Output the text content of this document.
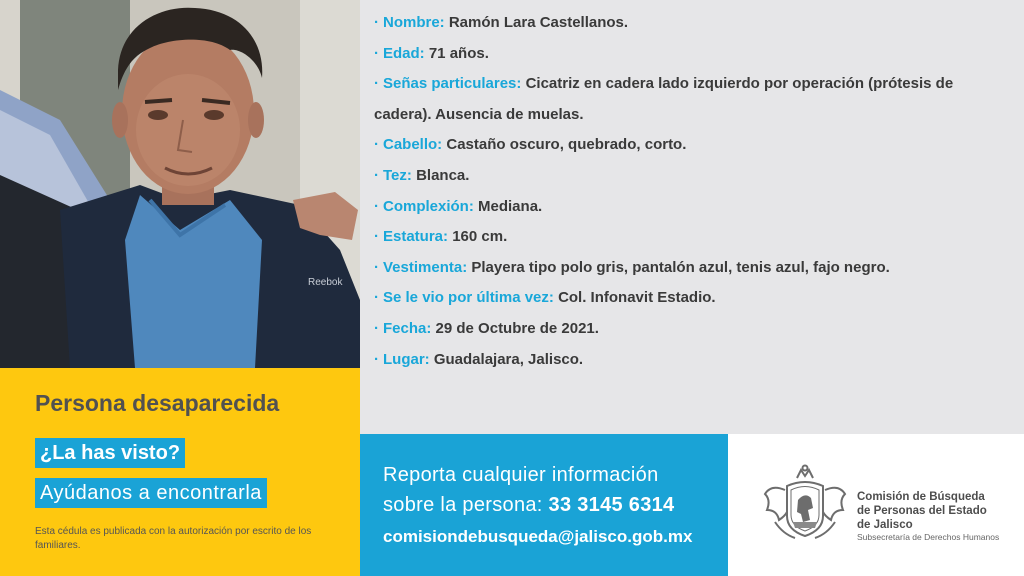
Reebok
· Nombre: Ramón Lara Castellanos.
· Edad: 71 años.
· Señas particulares: Cicatriz en cadera lado izquierdo por operación (prótesis de cadera). Ausencia de muelas.
· Cabello: Castaño oscuro, quebrado, corto.
· Tez: Blanca.
· Complexión: Mediana.
· Estatura: 160 cm.
· Vestimenta: Playera tipo polo gris, pantalón azul, tenis azul, fajo negro.
· Se le vio por última vez: Col. Infonavit Estadio.
· Fecha: 29 de Octubre de 2021.
· Lugar: Guadalajara, Jalisco.
Persona desaparecida
¿La has visto?
Ayúdanos a encontrarla
Esta cédula es publicada con la autorización por escrito de los familiares.
Reporta cualquier información
sobre la persona: 33 3145 6314
comisiondebusqueda@jalisco.gob.mx
Comisión de Búsqueda
de Personas del Estado
de Jalisco
Subsecretaría de Derechos Humanos
